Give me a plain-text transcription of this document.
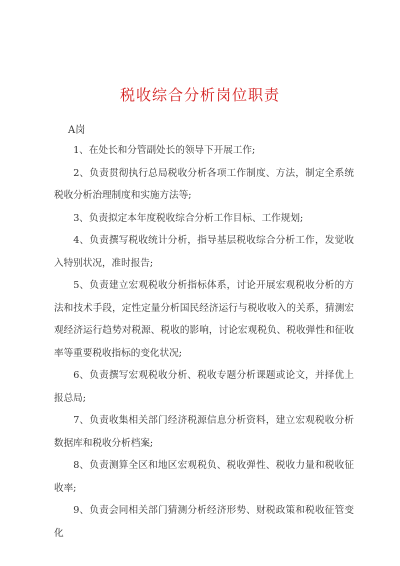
税收综合分析岗位职责
A岗

1、在处长和分管副处长的领导下开展工作;

2、负责贯彻执行总局税收分析各项工作制度、方法，制定全系统税收分析治理制度和实施方法等;

3、负责拟定本年度税收综合分析工作目标、工作规划;

4、负责撰写税收统计分析，指导基层税收综合分析工作，发觉收入特别状况，准时报告;

5、负责建立宏观税收分析指标体系，讨论开展宏观税收分析的方法和技术手段，定性定量分析国民经济运行与税收收入的关系，猜测宏观经济运行趋势对税源、税收的影响，讨论宏观税负、税收弹性和征收率等重要税收指标的变化状况;

6、负责撰写宏观税收分析、税收专题分析课题或论文，并择优上报总局;

7、负责收集相关部门经济税源信息分析资料，建立宏观税收分析数据库和税收分析档案;

8、负责测算全区和地区宏观税负、税收弹性、税收力量和税收征收率;

9、负责会同相关部门猜测分析经济形势、财税政策和税收征管变化
